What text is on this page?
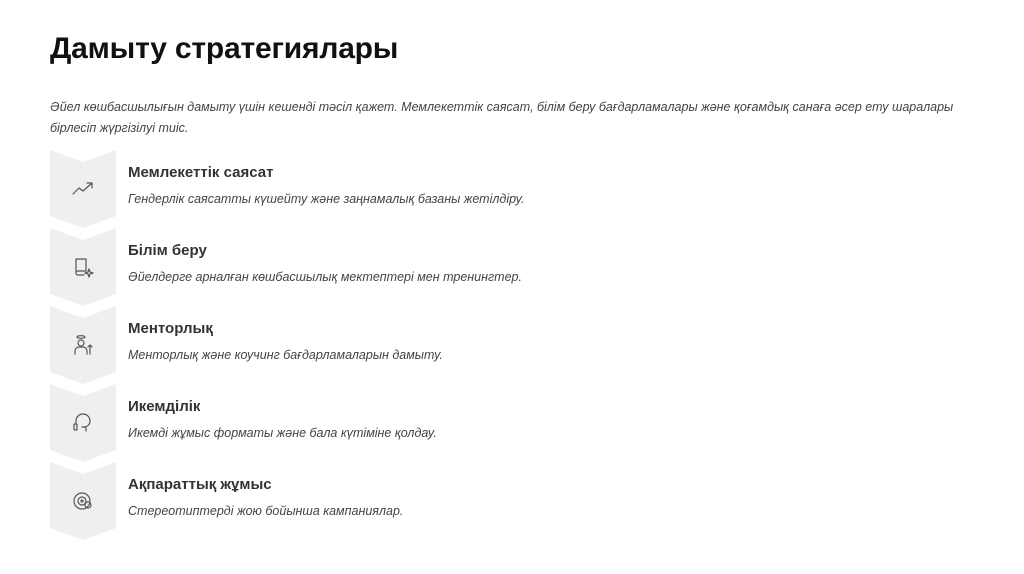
Дамыту стратегиялары
Әйел көшбасшылығын дамыту үшін кешенді тәсіл қажет. Мемлекеттік саясат, білім беру бағдарламалары және қоғамдық санаға әсер ету шаралары бірлесіп жүргізілуі тиіс.
Мемлекеттік саясат
Гендерлік саясатты күшейту және заңнамалық базаны жетілдіру.
Білім беру
Әйелдерге арналған көшбасшылық мектептері мен тренингтер.
Менторлық
Менторлық және коучинг бағдарламаларын дамыту.
Икемділік
Икемді жұмыс форматы және бала күтіміне қолдау.
Ақпараттық жұмыс
Стереотиптерді жою бойынша кампаниялар.
